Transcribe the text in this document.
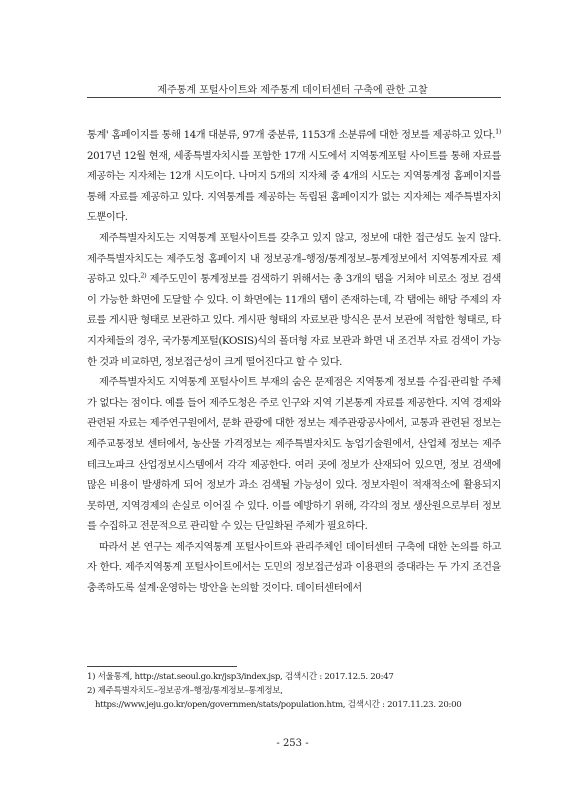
제주통계 포털사이트와 제주통계 데이터센터 구축에 관한 고찰

통계' 홈페이지를 통해 14개 대분류, 97개 중분류, 1153개 소분류에 대한 정보를 제공하고 있다.$^{1)}$ 2017년 12월 현재, 세종특별자치시를 포함한 17개 시도에서 지역통계포털 사이트를 통해 자료를 제공하는 지자체는 12개 시도이다. 나머지 5개의 지자체 중 4개의 시도는 지역통계정 홈페이지를 통해 자료를 제공하고 있다. 지역통계를 제공하는 독립된 홈페이지가 없는 지자체는 제주특별자치도뿐이다.

제주특별자치도는 지역통계 포털사이트를 갖추고 있지 않고, 정보에 대한 접근성도 높지 않다. 제주특별자치도는 제주도청 홈페이지 내 정보공개–행정/통계정보–통계정보에서 지역통계자료 제공하고 있다.$^{2)}$ 제주도민이 통계정보를 검색하기 위해서는 총 3개의 탭을 거쳐야 비로소 정보 검색이 가능한 화면에 도달할 수 있다. 이 화면에는 11개의 탭이 존재하는데, 각 탭에는 해당 주제의 자료를 게시판 형태로 보관하고 있다. 게시판 형태의 자료보관 방식은 문서 보관에 적합한 형태로, 타 지자체들의 경우, 국가통계포털(KOSIS)식의 폴더형 자료 보관과 화면 내 조건부 자료 검색이 가능한 것과 비교하면, 정보접근성이 크게 떨어진다고 할 수 있다.

제주특별자치도 지역통계 포털사이트 부재의 숨은 문제점은 지역통계 정보를 수집·관리할 주체가 없다는 점이다. 예를 들어 제주도청은 주로 인구와 지역 기본통계 자료를 제공한다. 지역 경제와 관련된 자료는 제주연구원에서, 문화 관광에 대한 정보는 제주관광공사에서, 교통과 관련된 정보는 제주교통정보 센터에서, 농산물 가격정보는 제주특별자치도 농업기술원에서, 산업체 정보는 제주테크노파크 산업정보시스템에서 각각 제공한다. 여러 곳에 정보가 산재되어 있으면, 정보 검색에 많은 비용이 발생하게 되어 정보가 과소 검색될 가능성이 있다. 정보자원이 적재적소에 활용되지 못하면, 지역경제의 손실로 이어질 수 있다. 이를 예방하기 위해, 각각의 정보 생산원으로부터 정보를 수집하고 전문적으로 관리할 수 있는 단일화된 주체가 필요하다.

따라서 본 연구는 제주지역통계 포털사이트와 관리주체인 데이터센터 구축에 대한 논의를 하고자 한다. 제주지역통계 포털사이트에서는 도민의 정보접근성과 이용편의 증대라는 두 가지 조건을 충족하도록 설계·운영하는 방안을 논의할 것이다. 데이터센터에서

1) 서울통계, http://stat.seoul.go.kr/jsp3/index.jsp, 검색시간 : 2017.12.5. 20:47

2) 제주특별자치도–정보공개–행정/통계정보–통계정보,

https://www.jeju.go.kr/open/governmen/stats/population.htm, 검색시간 : 2017.11.23. 20:00

- 253 -
